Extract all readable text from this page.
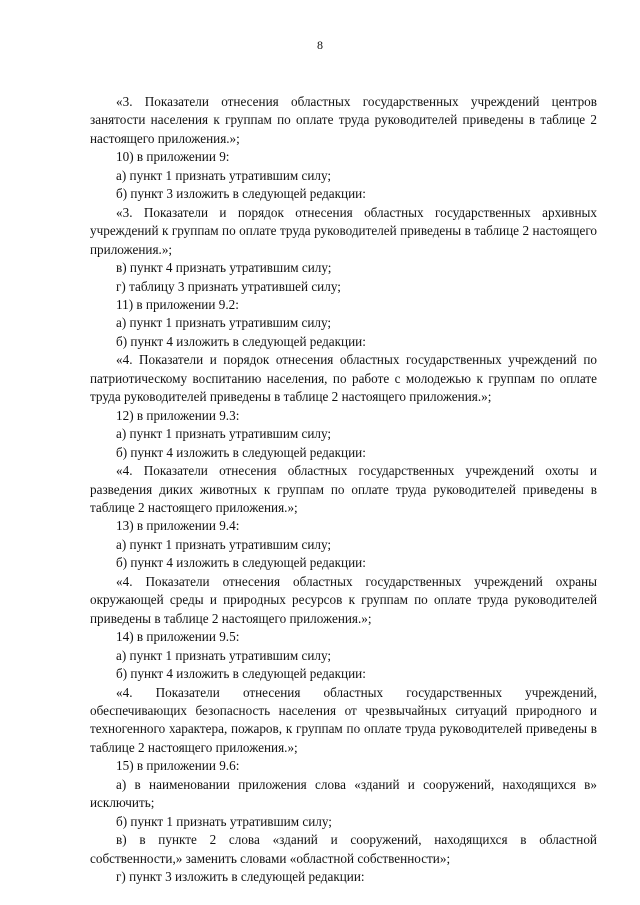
8

«3. Показатели отнесения областных государственных учреждений центров занятости населения к группам по оплате труда руководителей приведены в таблице 2 настоящего приложения.»;

10) в приложении 9:

а) пункт 1 признать утратившим силу;

б) пункт 3 изложить в следующей редакции:

«3. Показатели и порядок отнесения областных государственных архивных учреждений к группам по оплате труда руководителей приведены в таблице 2 настоящего приложения.»;

в) пункт 4 признать утратившим силу;

г) таблицу 3 признать утратившей силу;

11) в приложении 9.2:

а) пункт 1 признать утратившим силу;

б) пункт 4 изложить в следующей редакции:

«4. Показатели и порядок отнесения областных государственных учреждений по патриотическому воспитанию населения, по работе с молодежью к группам по оплате труда руководителей приведены в таблице 2 настоящего приложения.»;

12) в приложении 9.3:

а) пункт 1 признать утратившим силу;

б) пункт 4 изложить в следующей редакции:

«4. Показатели отнесения областных государственных учреждений охоты и разведения диких животных к группам по оплате труда руководителей приведены в таблице 2 настоящего приложения.»;

13) в приложении 9.4:

а) пункт 1 признать утратившим силу;

б) пункт 4 изложить в следующей редакции:

«4. Показатели отнесения областных государственных учреждений охраны окружающей среды и природных ресурсов к группам по оплате труда руководителей приведены в таблице 2 настоящего приложения.»;

14) в приложении 9.5:

а) пункт 1 признать утратившим силу;

б) пункт 4 изложить в следующей редакции:

«4. Показатели отнесения областных государственных учреждений, обеспечивающих безопасность населения от чрезвычайных ситуаций природного и техногенного характера, пожаров, к группам по оплате труда руководителей приведены в таблице 2 настоящего приложения.»;

15) в приложении 9.6:

а) в наименовании приложения слова «зданий и сооружений, находящихся в» исключить;

б) пункт 1 признать утратившим силу;

в) в пункте 2 слова «зданий и сооружений, находящихся в областной собственности,» заменить словами «областной собственности»;

г) пункт 3 изложить в следующей редакции:
